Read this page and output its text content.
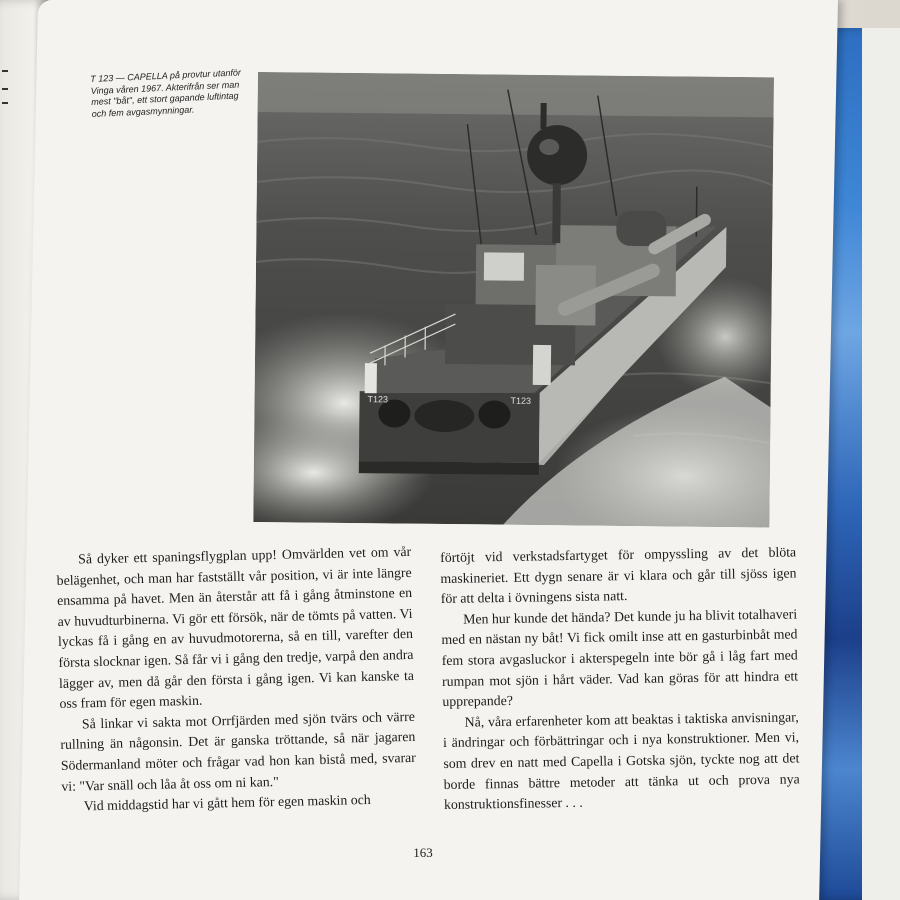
T 123 — CAPELLA på provtur utanför Vinga våren 1967. Akterifrån ser man mest "båt", ett stort gapande luftintag och fem avgasmynningar.
T123	T123

Så dyker ett spaningsflygplan upp! Omvärlden vet om vår belägenhet, och man har fastställt vår position, vi är inte längre ensamma på havet. Men än återstår att få i gång åtminstone en av huvudturbinerna. Vi gör ett försök, när de tömts på vatten. Vi lyckas få i gång en av huvudmotorerna, så en till, varefter den första slocknar igen. Så får vi i gång den tredje, varpå den andra lägger av, men då går den första i gång igen. Vi kan kanske ta oss fram för egen maskin.

Så linkar vi sakta mot Orrfjärden med sjön tvärs och värre rullning än någonsin. Det är ganska tröttande, så när jagaren Södermanland möter och frågar vad hon kan bistå med, svarar vi: "Var snäll och låa åt oss om ni kan."

Vid middagstid har vi gått hem för egen maskin och

förtöjt vid verkstadsfartyget för ompyssling av det blöta maskineriet. Ett dygn senare är vi klara och går till sjöss igen för att delta i övningens sista natt.

Men hur kunde det hända? Det kunde ju ha blivit totalhaveri med en nästan ny båt! Vi fick omilt inse att en gasturbinbåt med fem stora avgasluckor i akterspegeln inte bör gå i låg fart med rumpan mot sjön i hårt väder. Vad kan göras för att hindra ett upprepande?

Nå, våra erfarenheter kom att beaktas i taktiska anvisningar, i ändringar och förbättringar och i nya konstruktioner. Men vi, som drev en natt med Capella i Gotska sjön, tyckte nog att det borde finnas bättre metoder att tänka ut och prova nya konstruktionsfinesser . . .

163
